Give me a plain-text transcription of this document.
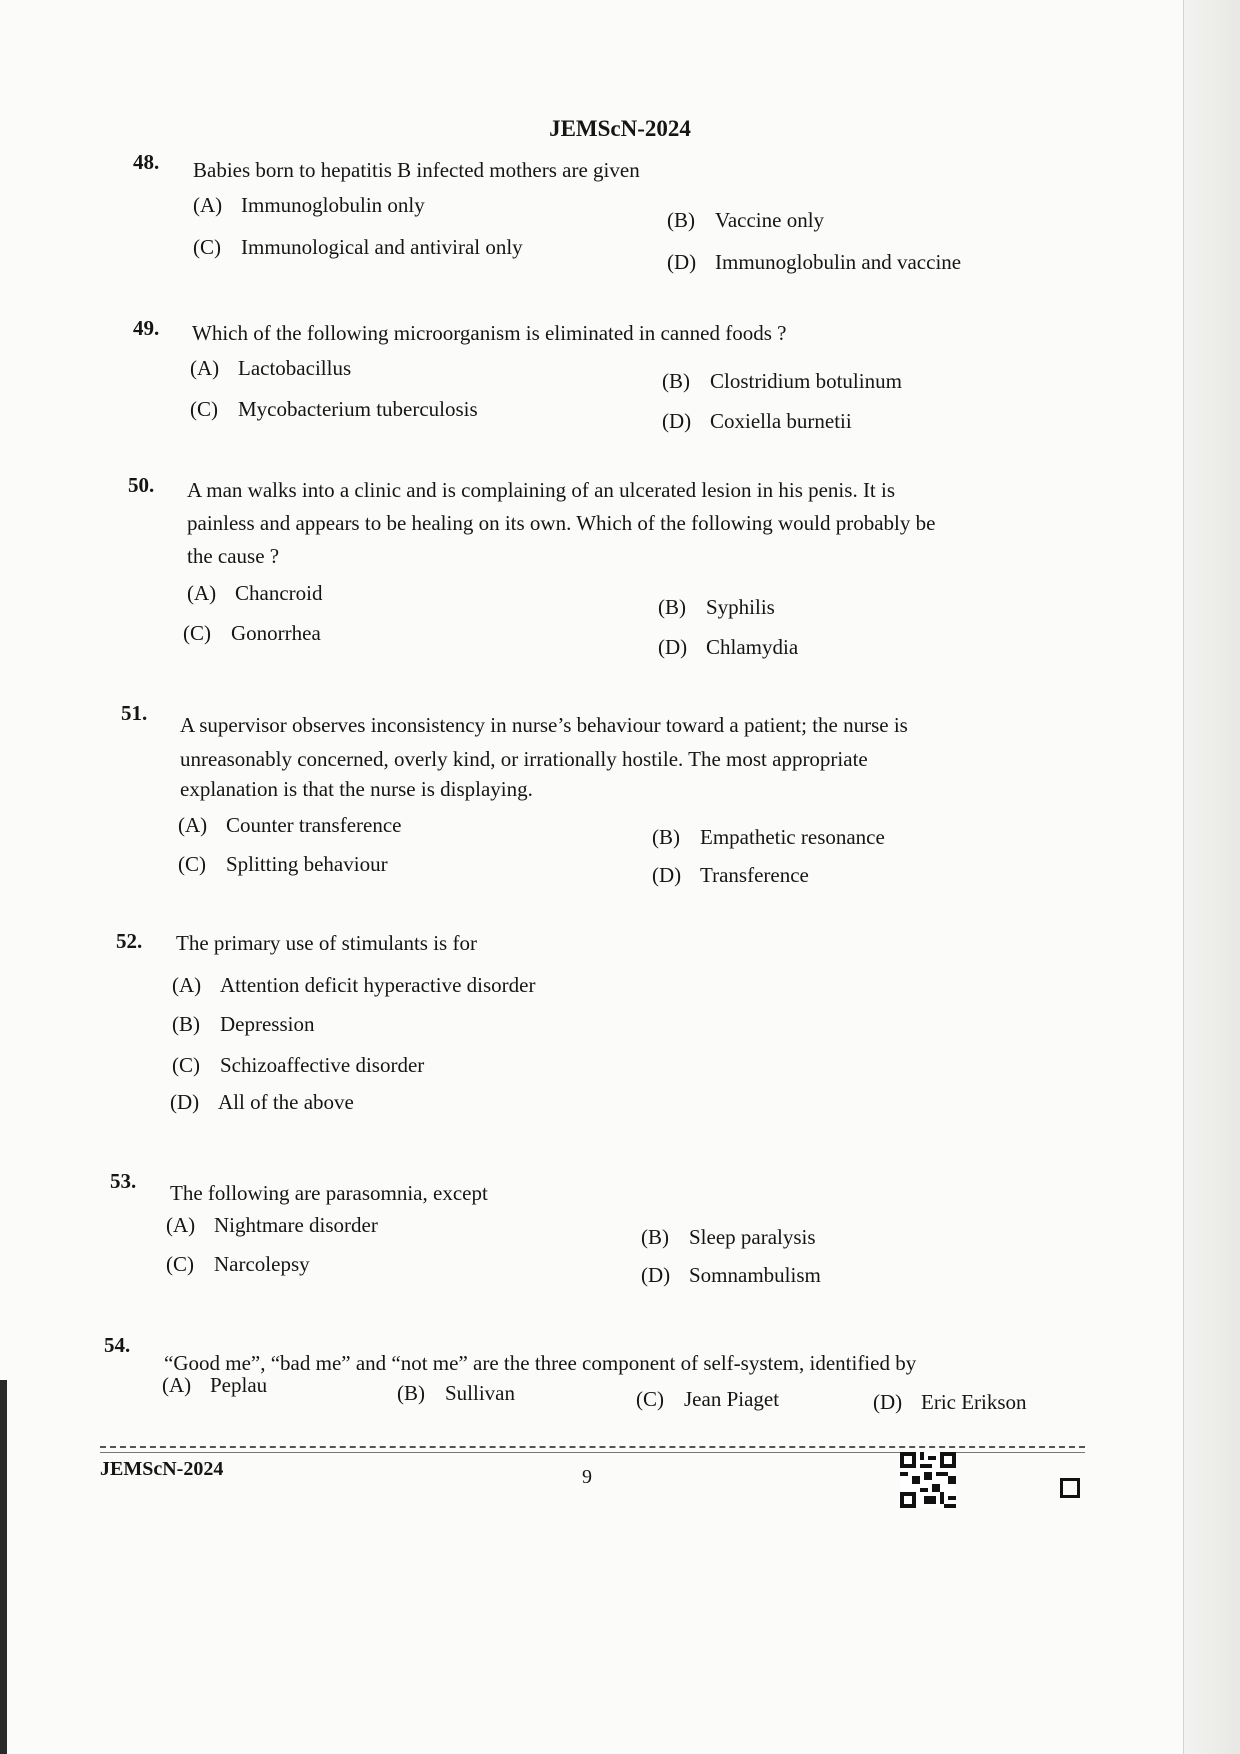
JEMScN-2024
48. Babies born to hepatitis B infected mothers are given
(A) Immunoglobulin only
(B) Vaccine only
(C) Immunological and antiviral only
(D) Immunoglobulin and vaccine
49. Which of the following microorganism is eliminated in canned foods ?
(A) Lactobacillus
(B) Clostridium botulinum
(C) Mycobacterium tuberculosis	(D) Coxiella burnetii
50. A man walks into a clinic and is complaining of an ulcerated lesion in his penis. It is
painless and appears to be healing on its own. Which of the following would probably be
the cause ?
(A) Chancroid
(B) Syphilis
(C) Gonorrhea
(D) Chlamydia
51. A supervisor observes inconsistency in nurse’s behaviour toward a patient; the nurse is
unreasonably concerned, overly kind, or irrationally hostile. The most appropriate
explanation is that the nurse is displaying.
(A) Counter transference	(B) Empathetic resonance
(C) Splitting behaviour	(D) Transference
52. The primary use of stimulants is for
(A) Attention deficit hyperactive disorder
(B) Depression
(C) Schizoaffective disorder
(D) All of the above
53. The following are parasomnia, except
(A) Nightmare disorder	(B) Sleep paralysis
(C) Narcolepsy	(D) Somnambulism
54.
“Good me”, “bad me” and “not me” are the three component of self-system, identified by
(A) Peplau	(B) Sullivan	(C) Jean Piaget	(D) Eric Erikson
JEMScN-2024	9
